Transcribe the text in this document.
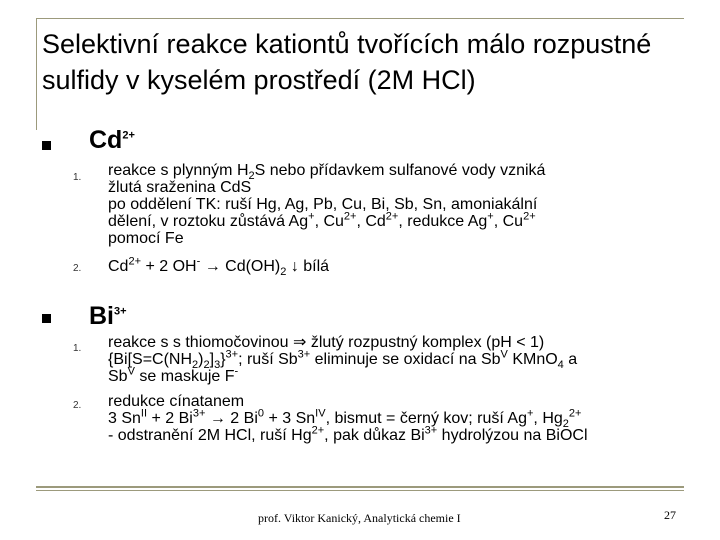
Selektivní reakce kationtů tvořících málo rozpustné sulfidy v kyselém prostředí (2M HCl)
$Cd^{2+}$
1. reakce s plynným $H_2S$ nebo přídavkem sulfanové vody vzniká
žlutá sraženina CdS
po oddělení TK: ruší Hg, Ag, Pb, Cu, Bi, Sb, Sn, amoniakální
dělení, v roztoku zůstává Ag+, $Cu^{2+}$, $Cd^{2+}$, redukce Ag+, $Cu^{2+}$
pomocí Fe
2. $Cd^{2+} + 2$ $OH^- \to Cd(OH)_2$ ↓ bílá
$Bi^{3+}$
1. reakce s s thiomočovinou ⇒ žlutý rozpustný komplex (pH < 1)
$\{Bi[S=C(NH_2)_2]_3\}^{3+}$; ruší $Sb^{3+}$ eliminuje se oxidací na $Sb^V$ KMnO$_4$ a
$Sb^V$ se maskuje F-
2. redukce cínatanem
3 $Sn^{II} + 2$ $Bi^{3+} \to 2$ $Bi^0 + 3$ $Sn^{IV}$, bismut = černý kov; ruší Ag+, $Hg_2^{2+}$
- odstranění 2M HCl, ruší $Hg^{2+}$, pak důkaz $Bi^{3+}$ hydrolýzou na BiOCl
prof. Viktor Kanický, Analytická chemie I	27
